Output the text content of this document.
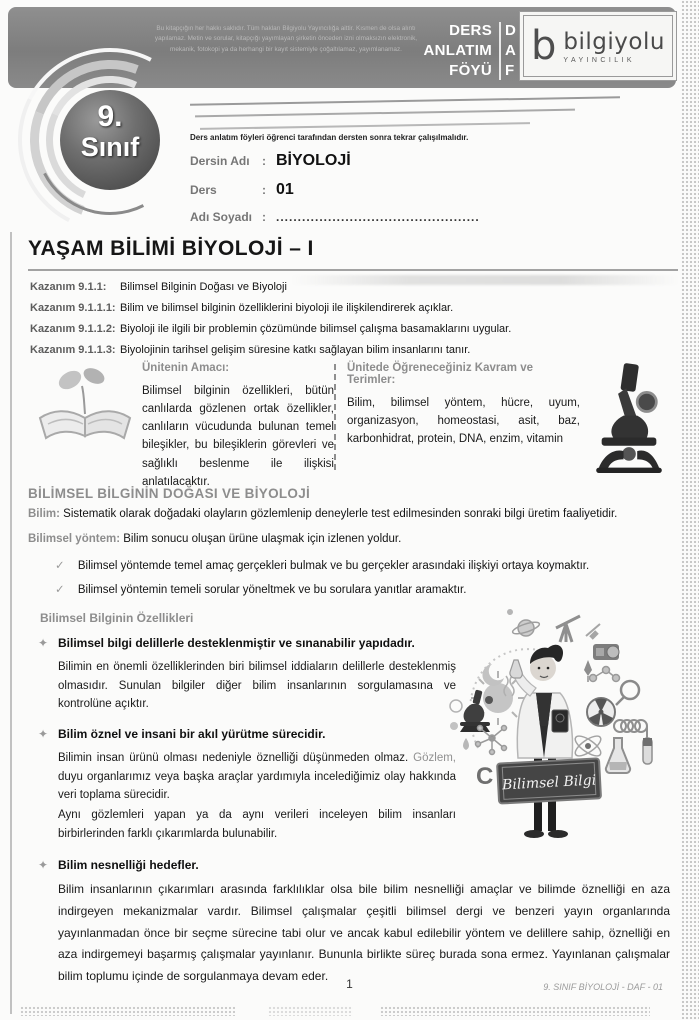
Bu kitapçığın her hakkı saklıdır. Tüm hakları Bilgiyolu Yayıncılığa aittir. Kısmen de olsa alıntı yapılamaz. Metin ve sorular, kitapçığı yayımlayan şirketin önceden izni olmaksızın elektronik, mekanik, fotokopi ya da herhangi bir kayıt sistemiyle çoğaltılamaz, yayımlanamaz.
DERS
ANLATIM
FÖYÜ
D
A
F
b bilgiyolu
YAYINCILIK
9.
Sınıf	Ders anlatım föyleri öğrenci tarafından dersten sonra tekrar çalışılmalıdır.
Dersin Adı	: BİYOLOJİ
Ders	: 01
Adı Soyadı : ...............................................
YAŞAM BİLİMİ BİYOLOJİ – I
Kazanım 9.1.1:	Bilimsel Bilginin Doğası ve Biyoloji
Kazanım 9.1.1.1: Bilim ve bilimsel bilginin özelliklerini biyoloji ile ilişkilendirerek açıklar.
Kazanım 9.1.1.2: Biyoloji ile ilgili bir problemin çözümünde bilimsel çalışma basamaklarını uygular.
Kazanım 9.1.1.3: Biyolojinin tarihsel gelişim süresine katkı sağlayan bilim insanlarını tanır.
Ünitenin Amacı:
Bilimsel bilginin özellikleri, bütün canlılarda gözlenen ortak özellikler, canlıların vücudunda bulunan temel bileşikler, bu bileşiklerin görevleri ve sağlıklı beslenme ile ilişkisi anlatılacaktır.
Ünitede Öğreneceğiniz Kavram ve Terimler:
Bilim, bilimsel yöntem, hücre, uyum, organizasyon, homeostasi, asit, baz, karbonhidrat, protein, DNA, enzim, vitamin
BİLİMSEL BİLGİNİN DOĞASI VE BİYOLOJİ
Bilim: Sistematik olarak doğadaki olayların gözlemlenip deneylerle test edilmesinden sonraki bilgi üretim faaliyetidir.
Bilimsel yöntem: Bilim sonucu oluşan ürüne ulaşmak için izlenen yoldur.
✓ Bilimsel yöntemde temel amaç gerçekleri bulmak ve bu gerçekler arasındaki ilişkiyi ortaya koymaktır.
✓ Bilimsel yöntemin temeli sorular yöneltmek ve bu sorulara yanıtlar aramaktır.
Bilimsel Bilginin Özellikleri
✦ Bilimsel bilgi delillerle desteklenmiştir ve sınanabilir yapıdadır.
Bilimin en önemli özelliklerinden biri bilimsel iddiaların delillerle desteklenmiş olmasıdır. Sunulan bilgiler diğer bilim insanlarının sorgulamasına ve kontrolüne açıktır.
✦ Bilim öznel ve insani bir akıl yürütme sürecidir.
Bilimin insan ürünü olması nedeniyle öznelliği düşünmeden olmaz. Gözlem, duyu organlarımız veya başka araçlar yardımıyla incelediğimiz olay hakkında veri toplama sürecidir.
Aynı gözlemleri yapan ya da aynı verileri inceleyen bilim insanları birbirlerinden farklı çıkarımlarda bulunabilir.
C Bilimsel Bilgi
✦ Bilim nesnelliği hedefler.
Bilim insanlarının çıkarımları arasında farklılıklar olsa bile bilim nesnelliği amaçlar ve bilimde öznelliği en aza indirgeyen mekanizmalar vardır. Bilimsel çalışmalar çeşitli bilimsel dergi ve benzeri yayın organlarında yayınlanmadan önce bir seçme sürecine tabi olur ve ancak kabul edilebilir yöntem ve delillere sahip, öznelliği en aza indirgemeyi başarmış çalışmalar yayınlanır. Bununla birlikte süreç burada sona ermez. Yayınlanan çalışmalar bilim toplumu içinde de sorgulanmaya devam eder.
1	9. SINIF BİYOLOJİ - DAF - 01
